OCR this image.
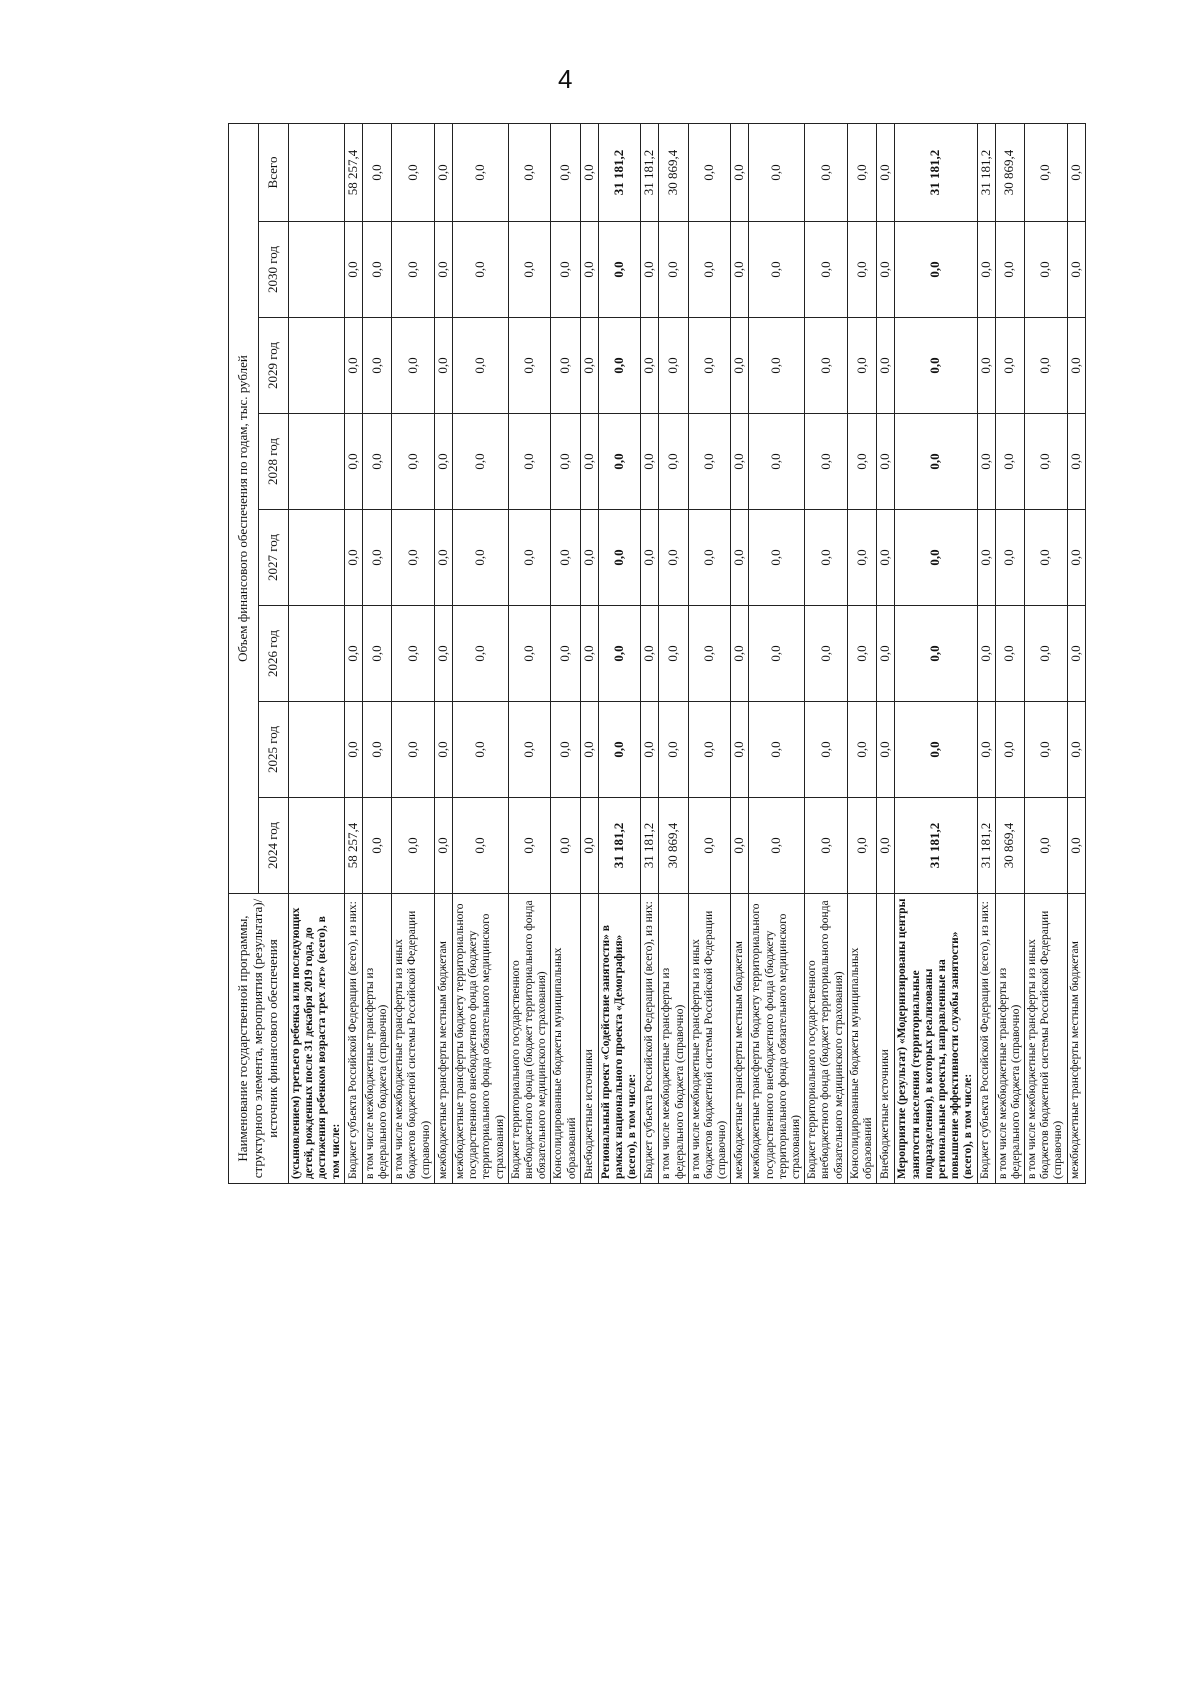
4
Наименование государственной программы, структурного элемента, мероприятия (результата)/источник финансового обеспечения	Объем финансового обеспечения по годам, тыс. рублей							
	2024 год	2025 год	2026 год	2027 год	2028 год	2029 год	2030 год	Всего
(усыновлением) третьего ребенка или последующих детей, рожденных после 31 декабря 2019 года, до достижения ребенком возраста трех лет» (всего), в том числе:								
Бюджет субъекта Российской Федерации (всего), из них:	58 257,4	0,0	0,0	0,0	0,0	0,0	0,0	58 257,4
в том числе межбюджетные трансферты из федерального бюджета (справочно)	0,0	0,0	0,0	0,0	0,0	0,0	0,0	0,0
в том числе межбюджетные трансферты из иных бюджетов бюджетной системы Российской Федерации (справочно)	0,0	0,0	0,0	0,0	0,0	0,0	0,0	0,0
межбюджетные трансферты местным бюджетам	0,0	0,0	0,0	0,0	0,0	0,0	0,0	0,0
межбюджетные трансферты бюджету территориального государственного внебюджетного фонда (бюджету территориального фонда обязательного медицинского страхования)	0,0	0,0	0,0	0,0	0,0	0,0	0,0	0,0
Бюджет территориального государственного внебюджетного фонда (бюджет территориального фонда обязательного медицинского страхования)	0,0	0,0	0,0	0,0	0,0	0,0	0,0	0,0
Консолидированные бюджеты муниципальных образований	0,0	0,0	0,0	0,0	0,0	0,0	0,0	0,0
Внебюджетные источники	0,0	0,0	0,0	0,0	0,0	0,0	0,0	0,0
Региональный проект «Содействие занятости» в рамках национального проекта «Демография» (всего), в том числе:	31 181,2	0,0	0,0	0,0	0,0	0,0	0,0	31 181,2
Бюджет субъекта Российской Федерации (всего), из них:	31 181,2	0,0	0,0	0,0	0,0	0,0	0,0	31 181,2
в том числе межбюджетные трансферты из федерального бюджета (справочно)	30 869,4	0,0	0,0	0,0	0,0	0,0	0,0	30 869,4
в том числе межбюджетные трансферты из иных бюджетов бюджетной системы Российской Федерации (справочно)	0,0	0,0	0,0	0,0	0,0	0,0	0,0	0,0
межбюджетные трансферты местным бюджетам	0,0	0,0	0,0	0,0	0,0	0,0	0,0	0,0
межбюджетные трансферты бюджету территориального государственного внебюджетного фонда (бюджету территориального фонда обязательного медицинского страхования)	0,0	0,0	0,0	0,0	0,0	0,0	0,0	0,0
Бюджет территориального государственного внебюджетного фонда (бюджет территориального фонда обязательного медицинского страхования)	0,0	0,0	0,0	0,0	0,0	0,0	0,0	0,0
Консолидированные бюджеты муниципальных образований	0,0	0,0	0,0	0,0	0,0	0,0	0,0	0,0
Внебюджетные источники	0,0	0,0	0,0	0,0	0,0	0,0	0,0	0,0
Мероприятие (результат) «Модернизированы центры занятости населения (территориальные подразделения), в которых реализованы региональные проекты, направленные на повышение эффективности службы занятости» (всего), в том числе:	31 181,2	0,0	0,0	0,0	0,0	0,0	0,0	31 181,2
Бюджет субъекта Российской Федерации (всего), из них:	31 181,2	0,0	0,0	0,0	0,0	0,0	0,0	31 181,2
в том числе межбюджетные трансферты из федерального бюджета (справочно)	30 869,4	0,0	0,0	0,0	0,0	0,0	0,0	30 869,4
в том числе межбюджетные трансферты из иных бюджетов бюджетной системы Российской Федерации (справочно)	0,0	0,0	0,0	0,0	0,0	0,0	0,0	0,0
межбюджетные трансферты местным бюджетам	0,0	0,0	0,0	0,0	0,0	0,0	0,0	0,0
